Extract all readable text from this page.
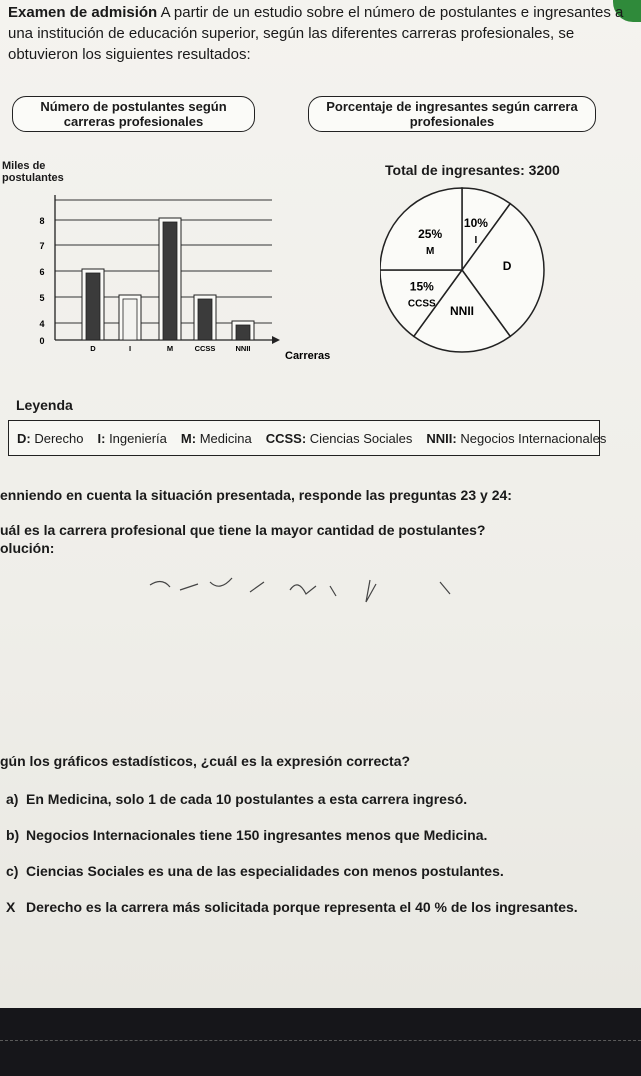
Examen de admisión A partir de un estudio sobre el número de postulantes e ingresantes a una institución de educación superior, según las diferentes carreras profesionales, se obtuvieron los siguientes resultados:
Número de postulantes según carreras profesionales
Porcentaje de ingresantes según carrera profesionales
Miles de postulantes
0
4
5
6
7
8
D	I	M	CCSS	NNII
Carreras
Total de ingresantes: 3200
10%
I
D
NNII
15%
CCSS
25%
M
Leyenda
D: Derecho I: Ingeniería M: Medicina CCSS: Ciencias Sociales NNII: Negocios Internacionales
enniendo en cuenta la situación presentada, responde las preguntas 23 y 24:
uál es la carrera profesional que tiene la mayor cantidad de postulantes?
olución:
gún los gráficos estadísticos, ¿cuál es la expresión correcta?
a) En Medicina, solo 1 de cada 10 postulantes a esta carrera ingresó.
b) Negocios Internacionales tiene 150 ingresantes menos que Medicina.
c) Ciencias Sociales es una de las especialidades con menos postulantes.
X Derecho es la carrera más solicitada porque representa el 40 % de los ingresantes.
